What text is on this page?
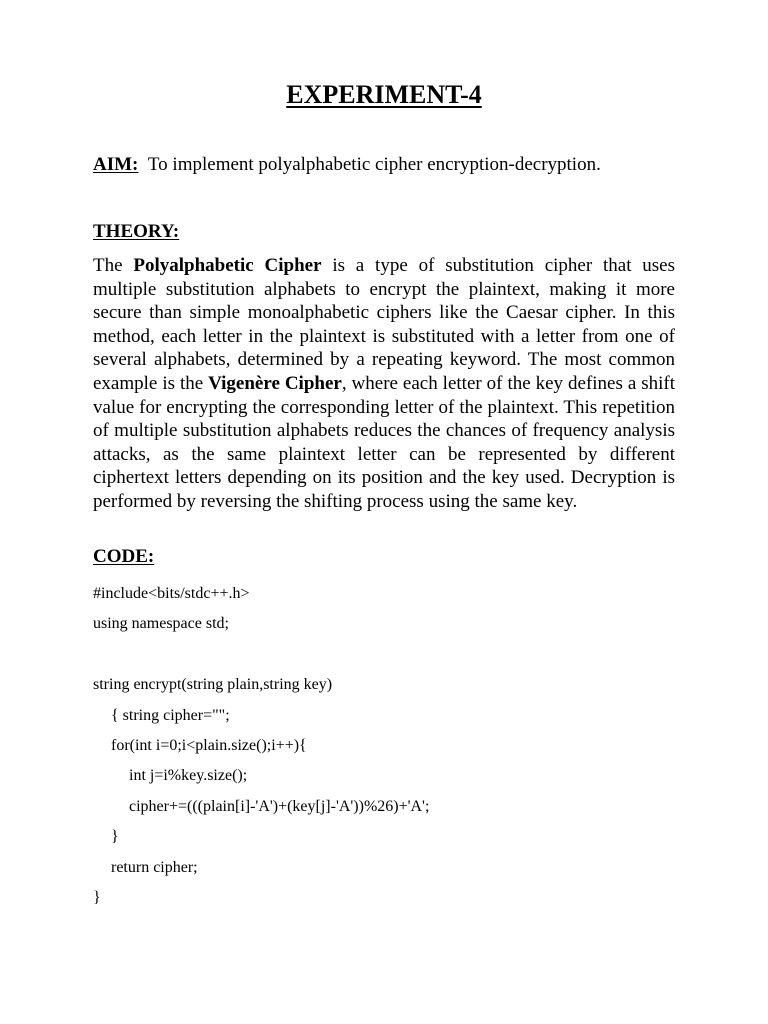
EXPERIMENT-4
AIM: To implement polyalphabetic cipher encryption-decryption.
THEORY:

The Polyalphabetic Cipher is a type of substitution cipher that uses multiple substitution alphabets to encrypt the plaintext, making it more secure than simple monoalphabetic ciphers like the Caesar cipher. In this method, each letter in the plaintext is substituted with a letter from one of several alphabets, determined by a repeating keyword. The most common example is the Vigenère Cipher, where each letter of the key defines a shift value for encrypting the corresponding letter of the plaintext. This repetition of multiple substitution alphabets reduces the chances of frequency analysis attacks, as the same plaintext letter can be represented by different ciphertext letters depending on its position and the key used. Decryption is performed by reversing the shifting process using the same key.

CODE:
#include<bits/stdc++.h>
using namespace std;
string encrypt(string plain,string key)
{ string cipher="";
for(int i=0;i<plain.size();i++){
int j=i%key.size();
cipher+=(((plain[i]-'A')+(key[j]-'A'))%26)+'A';
}
return cipher;
}
